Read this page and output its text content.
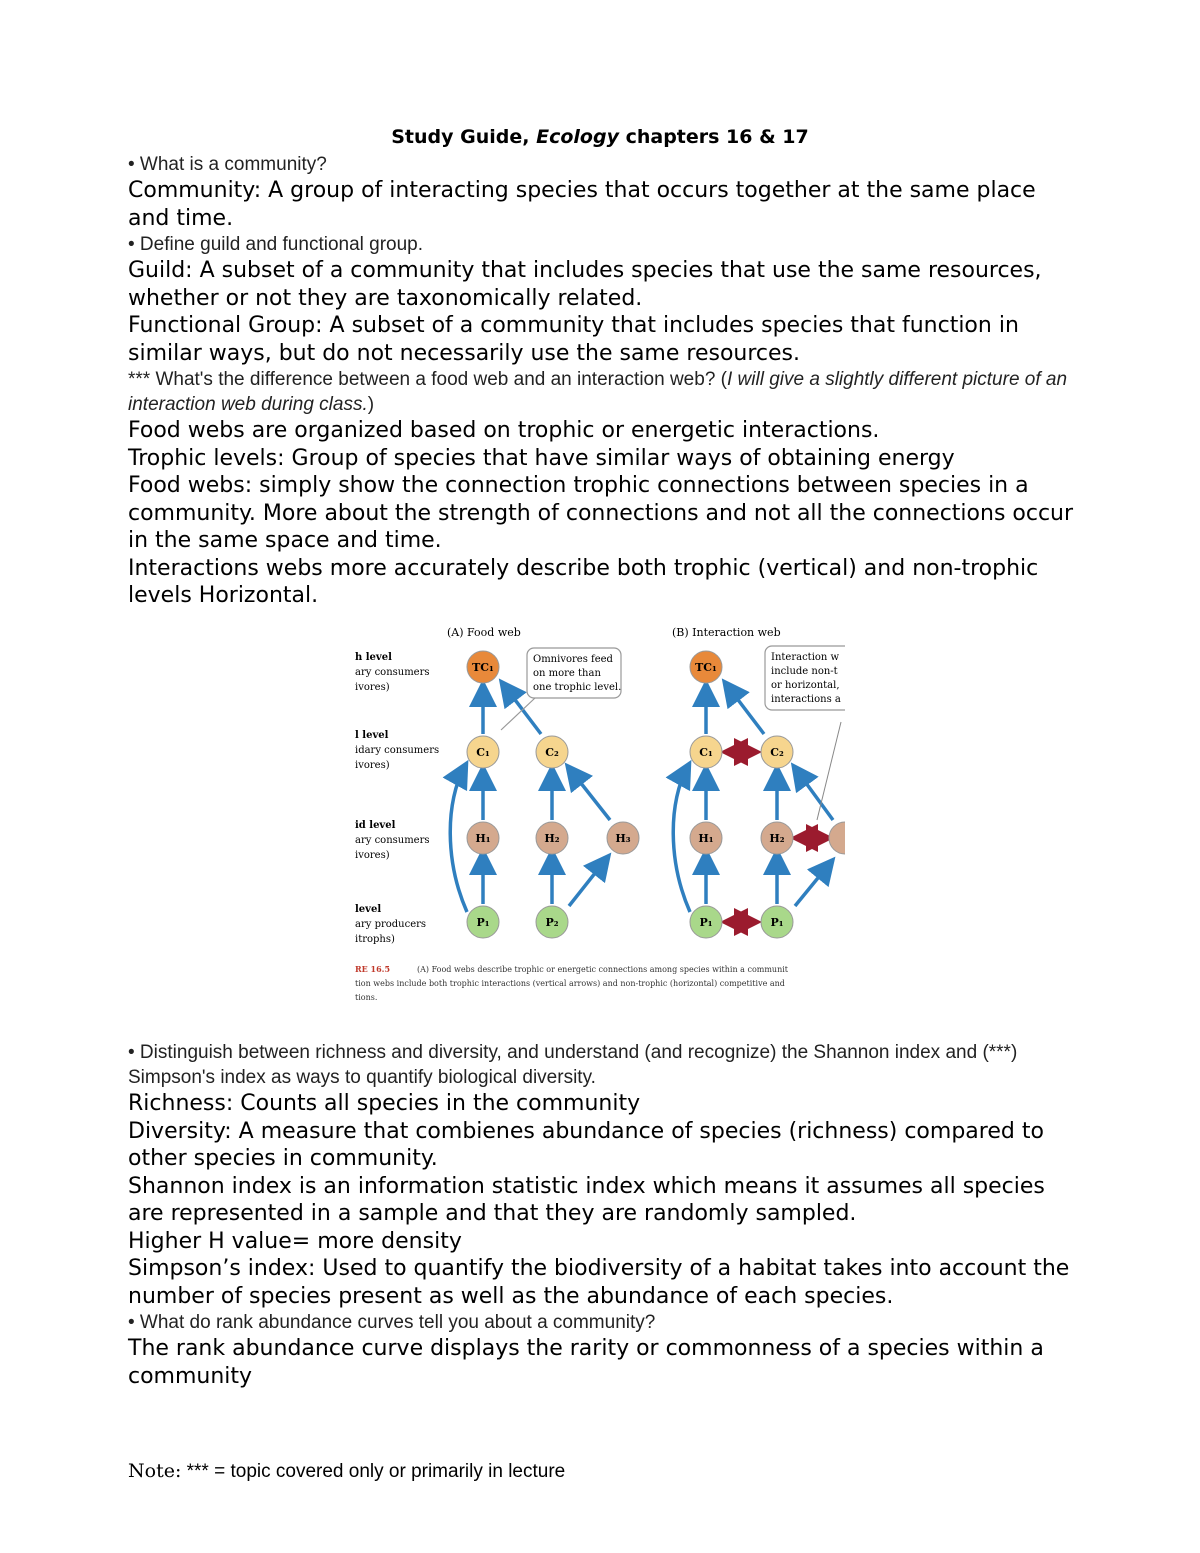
Study Guide, Ecology chapters 16 & 17

• What is a community?

Community: A group of interacting species that occurs together at the same place and time.

• Define guild and functional group.

Guild: A subset of a community that includes species that use the same resources, whether or not they are taxonomically related.

Functional Group: A subset of a community that includes species that function in similar ways, but do not necessarily use the same resources.

*** What's the difference between a food web and an interaction web? (I will give a slightly different picture of an interaction web during class.)

Food webs are organized based on trophic or energetic interactions.

Trophic levels: Group of species that have similar ways of obtaining energy

Food webs: simply show the connection trophic connections between species in a community. More about the strength of connections and not all the connections occur in the same space and time.

Interactions webs more accurately describe both trophic (vertical) and non-trophic levels Horizontal.

(A) Food web	(B) Interaction web
h level
ary consumers
ivores)
l level
idary consumers
ivores)
id level
ary consumers
ivores)
level
ary producers
itrophs)
Omnivores feed
on more than
one trophic level.
Interaction w
include non-t
or horizontal,
interactions a
TC₁
C₁	C₂
H₁	H₂	H₃
P₁	P₂
TC₁
C₁	C₂
H₁	H₂
P₁	P₁
RE 16.5	(A) Food webs describe trophic or energetic connections among species within a communit
tion webs include both trophic interactions (vertical arrows) and non-trophic (horizontal) competitive and
tions.

• Distinguish between richness and diversity, and understand (and recognize) the Shannon index and (***) Simpson's index as ways to quantify biological diversity.

Richness: Counts all species in the community

Diversity: A measure that combienes abundance of species (richness) compared to other species in community.

Shannon index is an information statistic index which means it assumes all species are represented in a sample and that they are randomly sampled.

Higher H value= more density

Simpson’s index: Used to quantify the biodiversity of a habitat takes into account the number of species present as well as the abundance of each species.

• What do rank abundance curves tell you about a community?

The rank abundance curve displays the rarity or commonness of a species within a community

Note: *** = topic covered only or primarily in lecture
